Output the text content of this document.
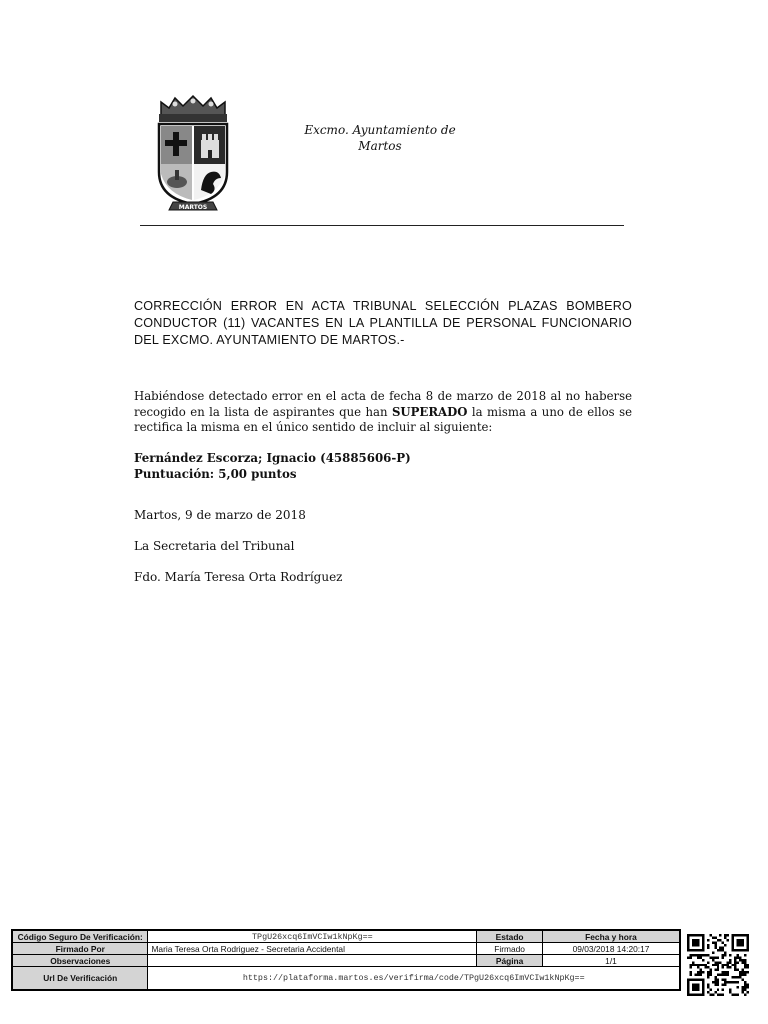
MARTOS
Excmo. Ayuntamiento de
Martos
CORRECCIÓN ERROR EN ACTA TRIBUNAL SELECCIÓN PLAZAS BOMBERO CONDUCTOR (11) VACANTES EN LA PLANTILLA DE PERSONAL FUNCIONARIO DEL EXCMO. AYUNTAMIENTO DE MARTOS.-
Habiéndose detectado error en el acta de fecha 8 de marzo de 2018 al no haberse recogido en la lista de aspirantes que han SUPERADO la misma a uno de ellos se rectifica la misma en el único sentido de incluir al siguiente:
Fernández Escorza; Ignacio (45885606-P)
Puntuación: 5,00 puntos
Martos, 9 de marzo de 2018
La Secretaria del Tribunal
Fdo. María Teresa Orta Rodríguez
Código Seguro De Verificación:	TPgU26xcq6ImVCIw1kNpKg==	Estado	Fecha y hora
Firmado Por	Maria Teresa Orta Rodriguez - Secretaria Accidental	Firmado	09/03/2018 14:20:17
Observaciones		Página	1/1
Url De Verificación	https://plataforma.martos.es/verifirma/code/TPgU26xcq6ImVCIw1kNpKg==		
